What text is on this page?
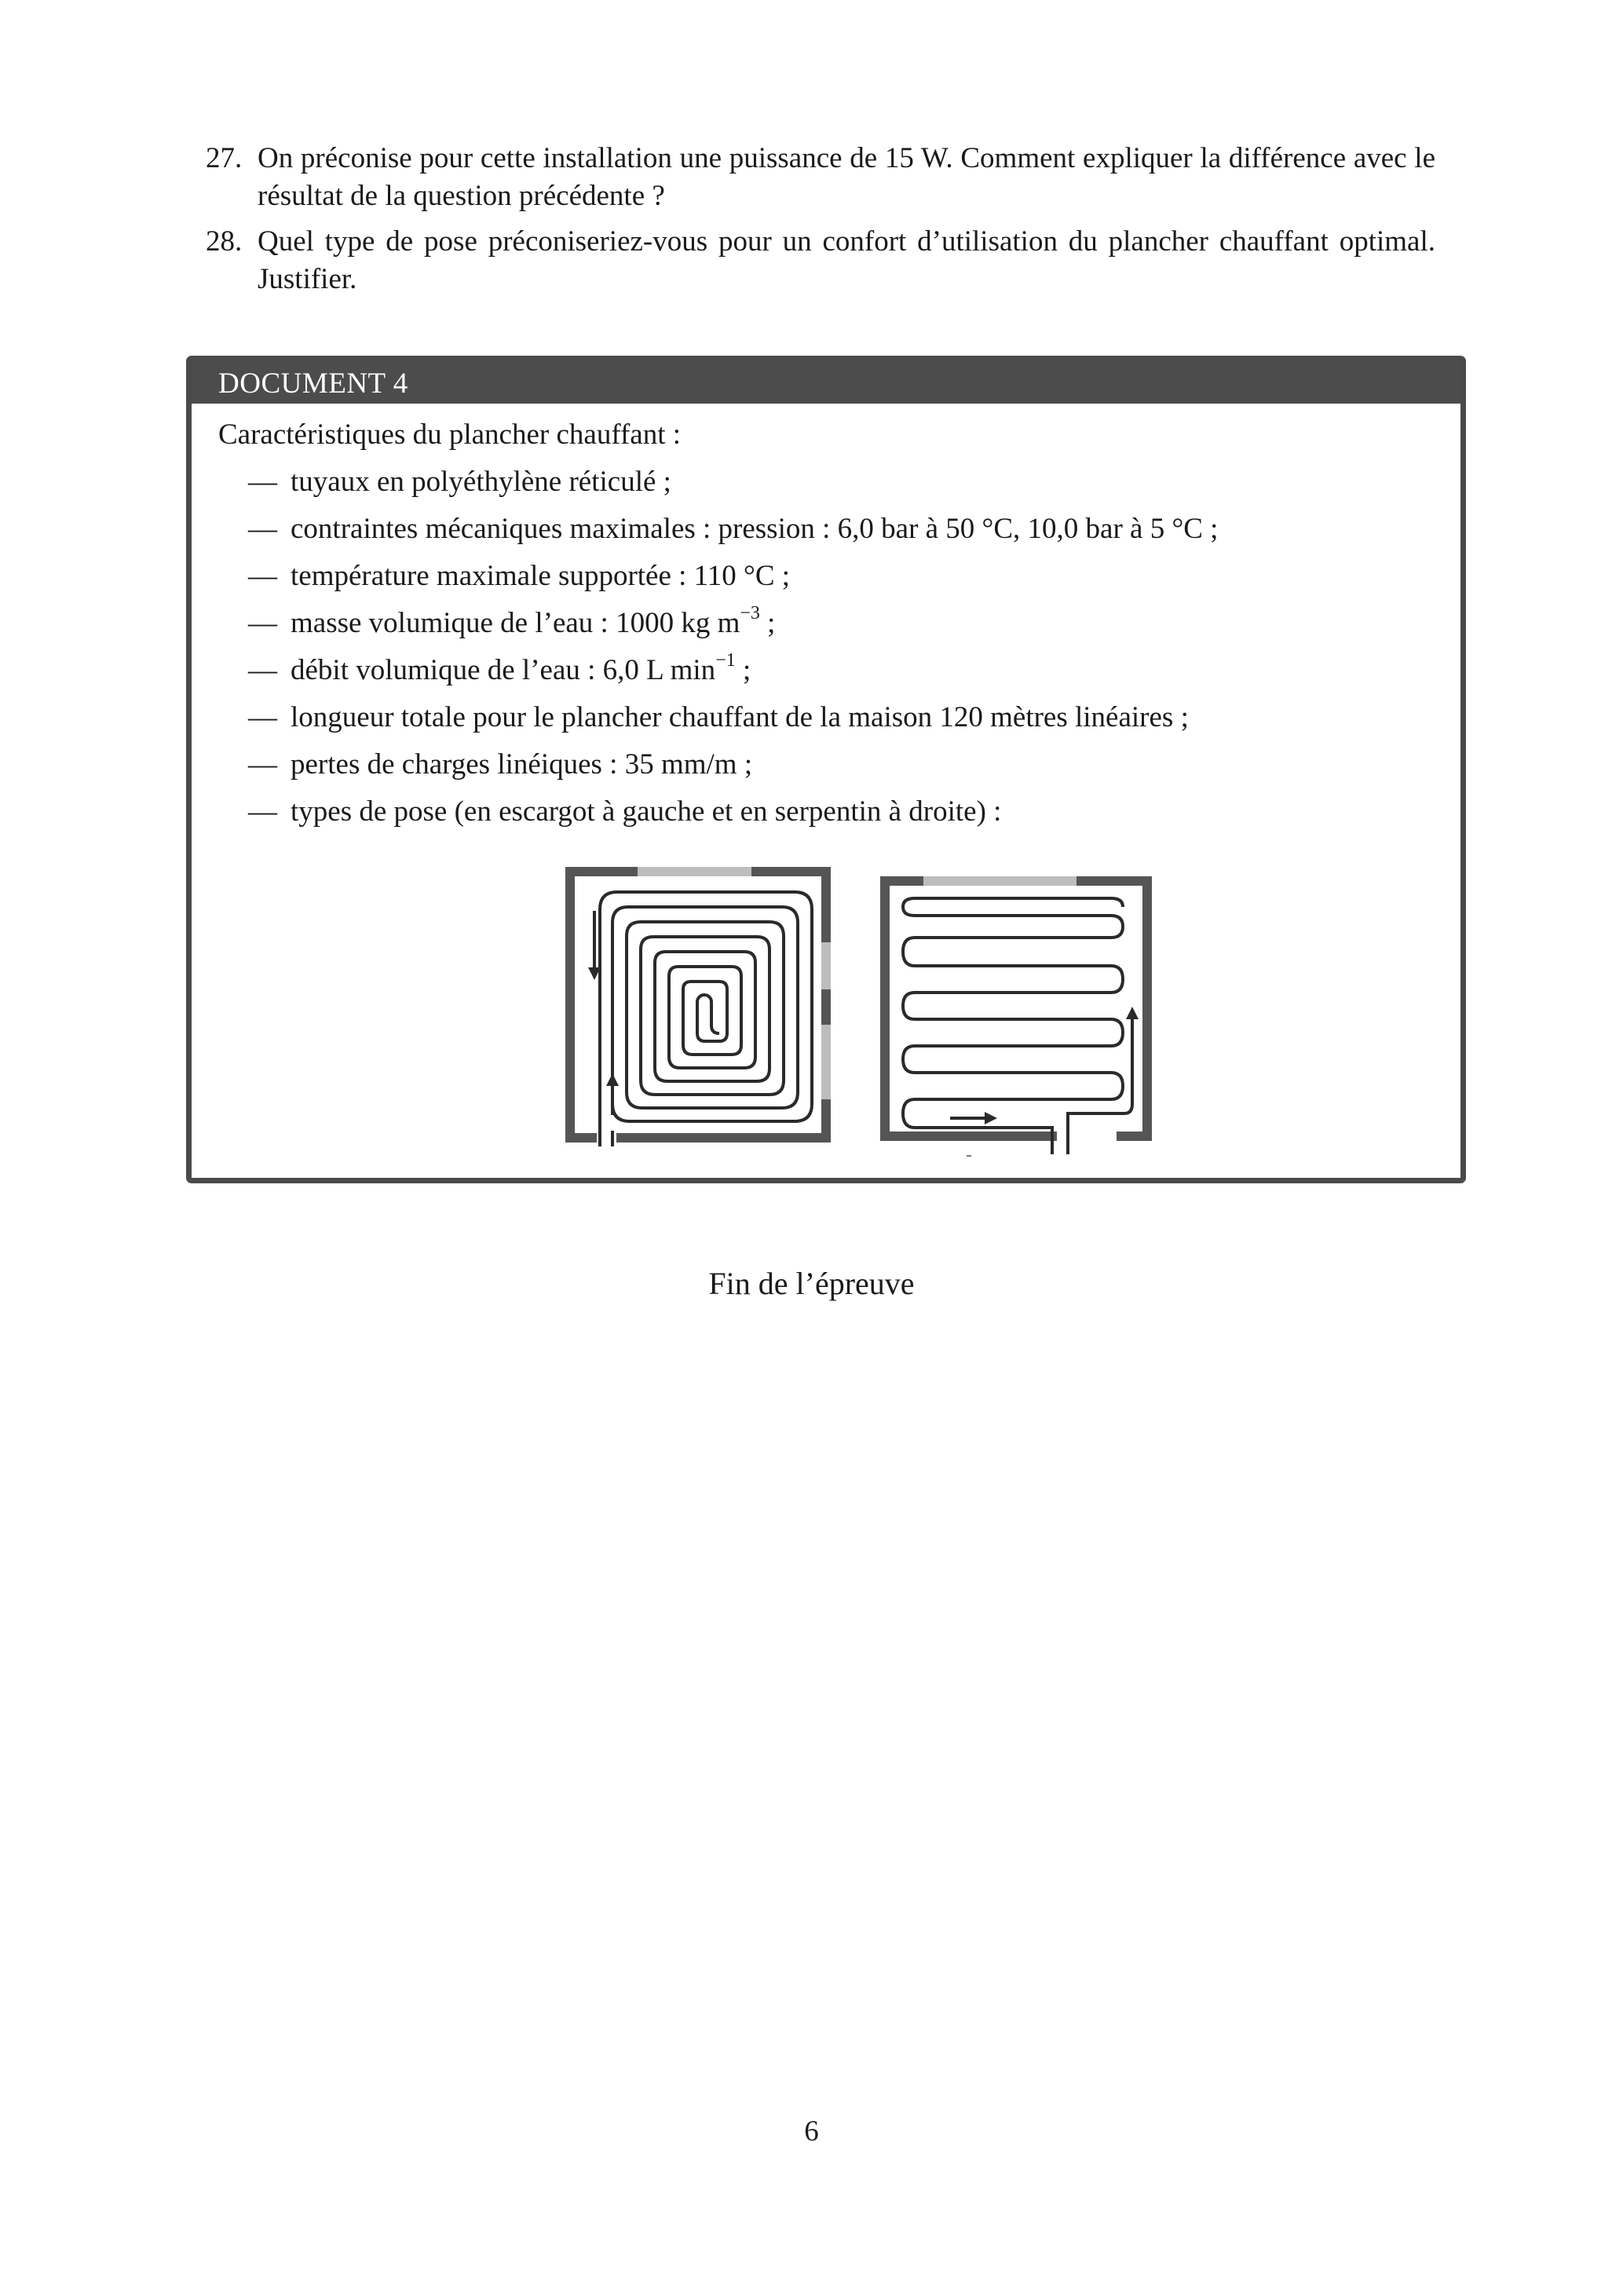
27. On préconise pour cette installation une puissance de 15 W. Comment expliquer la différence avec le résultat de la question précédente ?
28. Quel type de pose préconiseriez-vous pour un confort d’utilisation du plancher chauffant optimal. Justifier.
DOCUMENT 4

Caractéristiques du plancher chauffant :

— tuyaux en polyéthylène réticulé ;
— contraintes mécaniques maximales : pression : 6,0 bar à 50 °C, 10,0 bar à 5 °C ;
— température maximale supportée : 110 °C ;
— masse volumique de l’eau : 1000 kg $m^{-3}$ ;
— débit volumique de l’eau : 6,0 L $\min^{-1}$ ;
— longueur totale pour le plancher chauffant de la maison 120 mètres linéaires ;
— pertes de charges linéiques : 35 mm/m ;
— types de pose (en escargot à gauche et en serpentin à droite) :
Fin de l’épreuve
6
